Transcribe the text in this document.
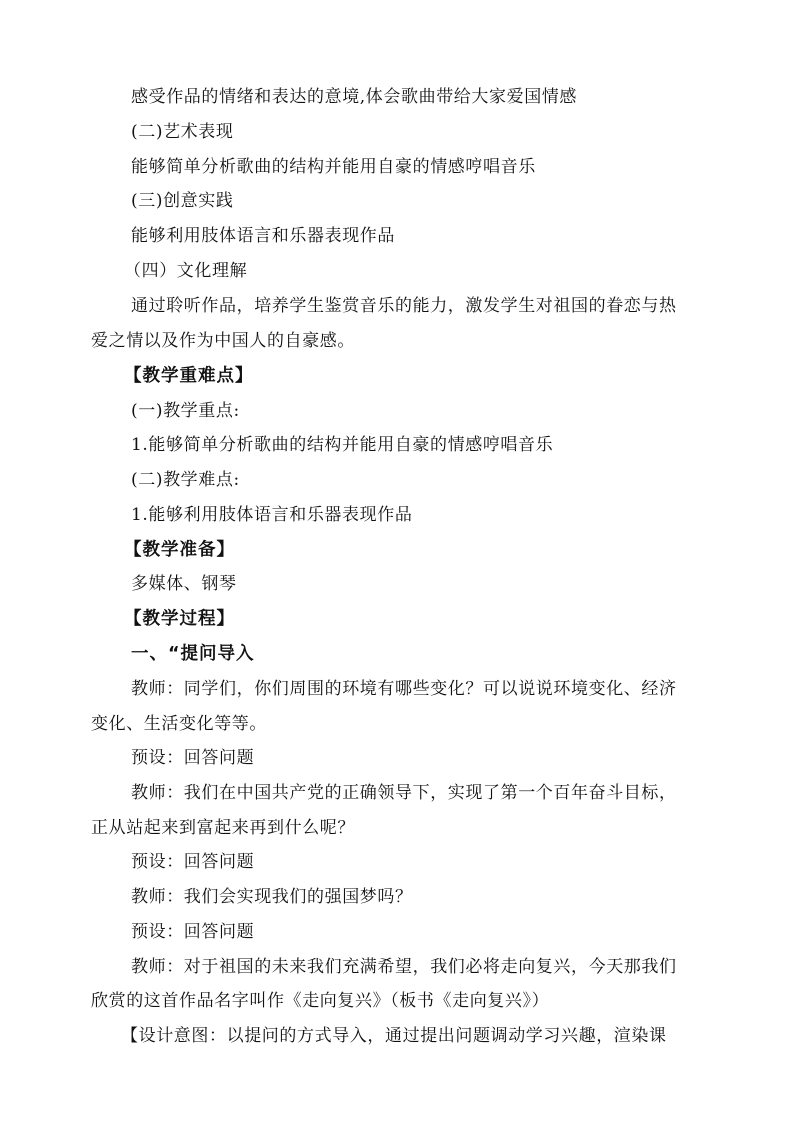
感受作品的情绪和表达的意境,体会歌曲带给大家爱国情感
(二)艺术表现
能够简单分析歌曲的结构并能用自豪的情感哼唱音乐
(三)创意实践
能够利用肢体语言和乐器表现作品
（四）文化理解
通过聆听作品，培养学生鉴赏音乐的能力，激发学生对祖国的眷恋与热
爱之情以及作为中国人的自豪感。
【教学重难点】
(一)教学重点:
1.能够简单分析歌曲的结构并能用自豪的情感哼唱音乐
(二)教学难点:
1.能够利用肢体语言和乐器表现作品
【教学准备】
多媒体、钢琴
【教学过程】
一、“提问导入
教师：同学们，你们周围的环境有哪些变化？可以说说环境变化、经济
变化、生活变化等等。
预设：回答问题
教师：我们在中国共产党的正确领导下，实现了第一个百年奋斗目标，
正从站起来到富起来再到什么呢？
预设：回答问题
教师：我们会实现我们的强国梦吗？
预设：回答问题
教师：对于祖国的未来我们充满希望，我们必将走向复兴，今天那我们
欣赏的这首作品名字叫作《走向复兴》（板书《走向复兴》）
【设计意图：以提问的方式导入，通过提出问题调动学习兴趣，渲染课
